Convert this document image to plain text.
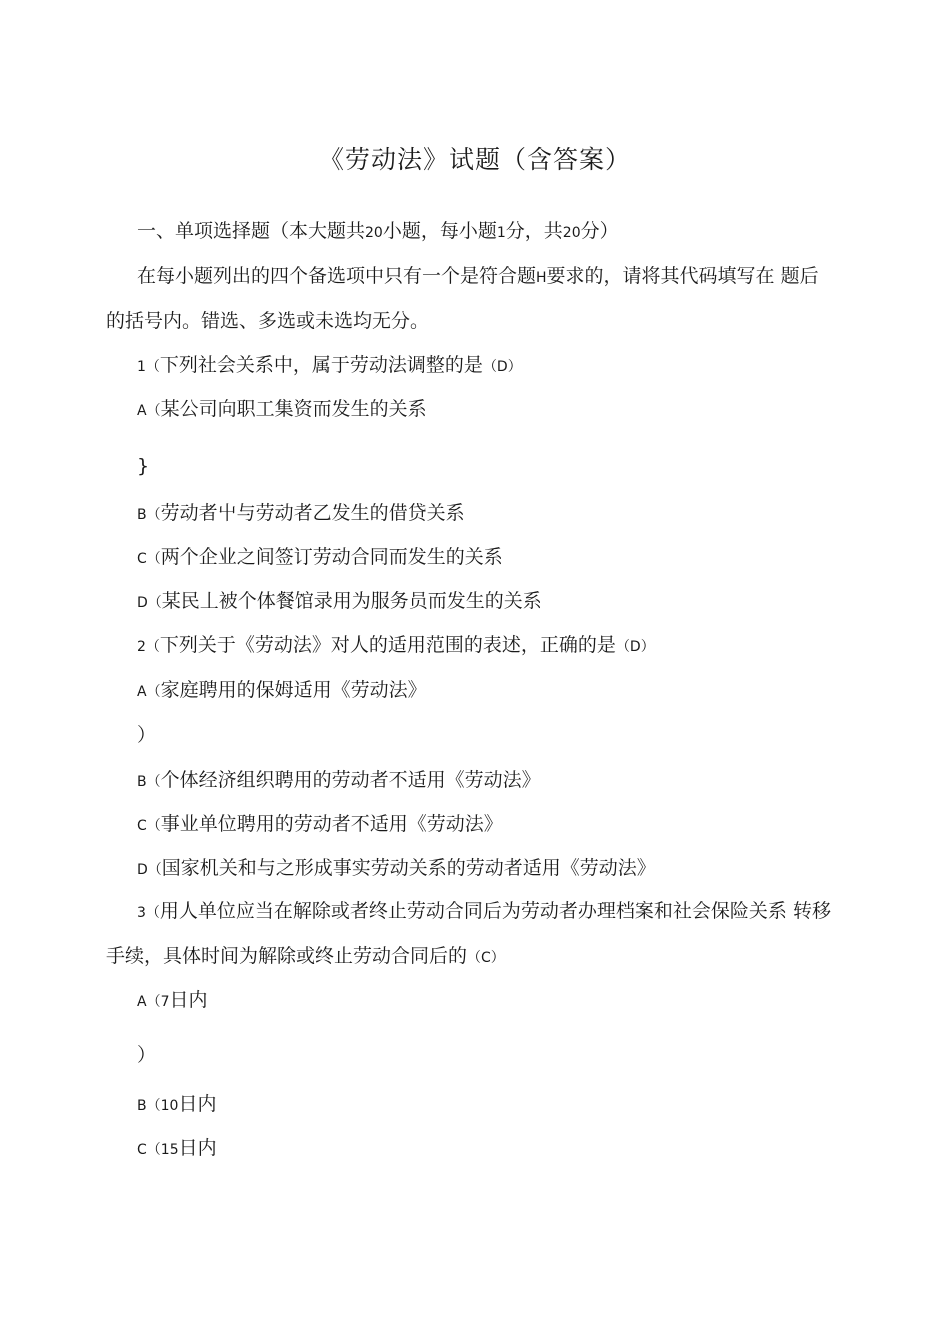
《劳动法》试题（含答案）
一、单项选择题（本大题共20小题，每小题1分，共20分）
在每小题列出的四个备选项中只有一个是符合题H要求的，请将其代码填写在 题后
的括号内。错选、多选或未选均无分。
1（下列社会关系中，属于劳动法调整的是（D）
A（某公司向职工集资而发生的关系
}
B（劳动者屮与劳动者乙发生的借贷关系
C（两个企业之间签订劳动合同而发生的关系
D（某民丄被个体餐馆录用为服务员而发生的关系
2（下列关于《劳动法》对人的适用范围的表述，正确的是（D）
A（家庭聘用的保姆适用《劳动法》
）
B（个体经济组织聘用的劳动者不适用《劳动法》
C（事业单位聘用的劳动者不适用《劳动法》
D（国家机关和与之形成事实劳动关系的劳动者适用《劳动法》
3（用人单位应当在解除或者终止劳动合同后为劳动者办理档案和社会保险关系 转移
手续，具体时间为解除或终止劳动合同后的（C）
A（7日内
）
B（10日内
C（15日内
